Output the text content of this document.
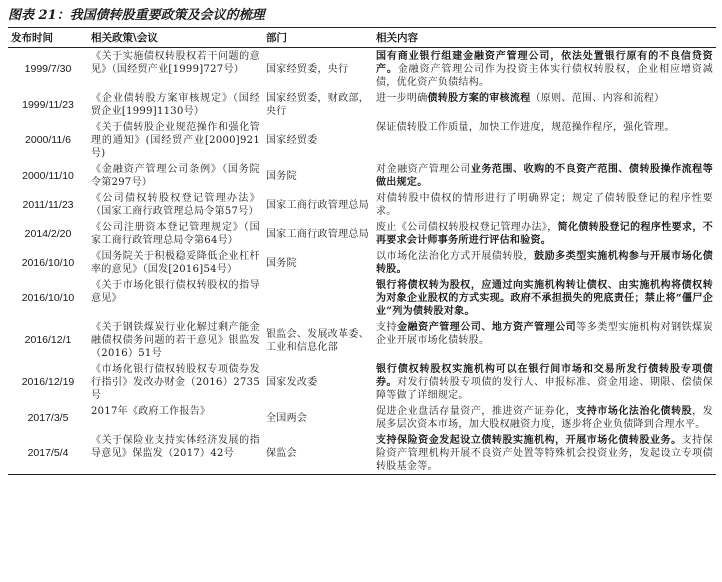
图表 21：我国债转股重要政策及会议的梳理
发布时间	相关政策\会议	部门	相关内容
1999/7/30	《关于实施债权转股权若干问题的意见》（国经贸产业[1999]727号）	国家经贸委，央行	国有商业银行组建金融资产管理公司，依法处置银行原有的不良信贷资产。金融资产管理公司作为投资主体实行债权转股权，企业相应增资减债，优化资产负债结构。
1999/11/23	《企业债转股方案审核规定》（国经贸企业[1999]1130号）	国家经贸委，财政部，央行	进一步明确债转股方案的审核流程（原则、范围、内容和流程）
2000/11/6	《关于债转股企业规范操作和强化管理的通知》(国经贸产业[2000]921号)	国家经贸委	保证债转股工作质量，加快工作进度，规范操作程序，强化管理。
2000/11/10	《金融资产管理公司条例》（国务院令第297号）	国务院	对金融资产管理公司业务范围、收购的不良资产范围、债转股操作流程等做出规定。
2011/11/23	《公司债权转股权登记管理办法》（国家工商行政管理总局令第57号）	国家工商行政管理总局	对债转股中债权的情形进行了明确界定；规定了债转股登记的程序性要求。
2014/2/20	《公司注册资本登记管理规定》（国家工商行政管理总局令第64号）	国家工商行政管理总局	废止《公司债权转股权登记管理办法》，简化债转股登记的程序性要求，不再要求会计师事务所进行评估和验资。
2016/10/10	《国务院关于积极稳妥降低企业杠杆率的意见》（国发[2016]54号）	国务院	以市场化法治化方式开展债转股，鼓励多类型实施机构参与开展市场化债转股。
2016/10/10	《关于市场化银行债权转股权的指导意见》		银行将债权转为股权，应通过向实施机构转让债权、由实施机构将债权转为对象企业股权的方式实现。政府不承担损失的兜底责任；禁止将“僵尸企业”列为债转股对象。
2016/12/1	《关于钢铁煤炭行业化解过剩产能金融债权债务问题的若干意见》银监发（2016）51号	银监会、发展改革委、工业和信息化部	支持金融资产管理公司、地方资产管理公司等多类型实施机构对钢铁煤炭企业开展市场化债转股。
2016/12/19	《市场化银行债权转股权专项债券发行指引》发改办财金（2016）2735号	国家发改委	银行债权转股权实施机构可以在银行间市场和交易所发行债转股专项债券。对发行债转股专项债的发行人、申报标准、资金用途、期限、偿债保障等做了详细规定。
2017/3/5	2017年《政府工作报告》	全国两会	促进企业盘活存量资产，推进资产证券化，支持市场化法治化债转股，发展多层次资本市场，加大股权融资力度，逐步将企业负债降到合理水平。
2017/5/4	《关于保险业支持实体经济发展的指导意见》保监发（2017）42号	保监会	支持保险资金发起设立债转股实施机构，开展市场化债转股业务。支持保险资产管理机构开展不良资产处置等特殊机会投资业务，发起设立专项债转股基金等。
